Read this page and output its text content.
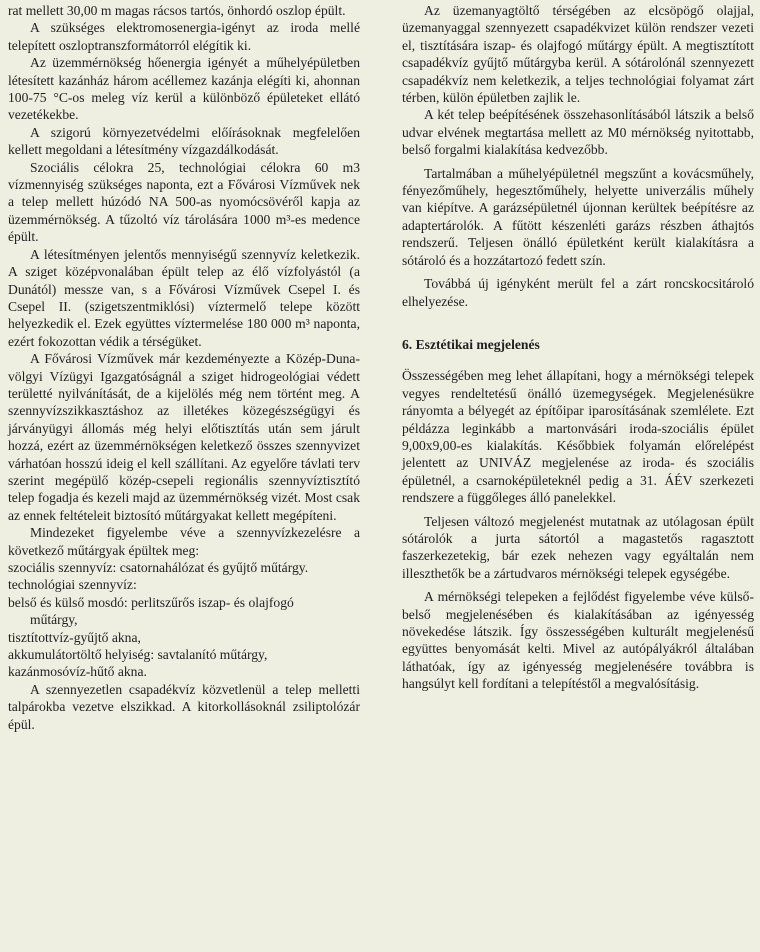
rat mellett 30,00 m magas rácsos tartós, önhordó oszlop épült.

A szükséges elektromosenergia-igényt az iroda mellé telepített oszloptranszformátorról elégítik ki.

Az üzemmérnökség hőenergia igényét a műhelyépületben létesített kazánház három acéllemez kazánja elégíti ki, ahonnan 100-75 °C-os meleg víz kerül a különböző épületeket ellátó vezetékekbe.

A szigorú környezetvédelmi előírásoknak megfelelően kellett megoldani a létesítmény vízgazdálkodását.

Szociális célokra 25, technológiai célokra 60 m3 vízmennyiség szükséges naponta, ezt a Fővárosi Vízművek nek a telep mellett húzódó NA 500-as nyomócsövéről kapja az üzemmérnökség. A tűzoltó víz tárolására 1000 m³-es medence épült.

A létesítményen jelentős mennyiségű szennyvíz keletkezik. A sziget középvonalában épült telep az élő vízfolyástól (a Dunától) messze van, s a Fővárosi Vízművek Csepel I. és Csepel II. (szigetszentmiklósi) víztermelő telepe között helyezkedik el. Ezek együttes víztermelése 180 000 m³ naponta, ezért fokozottan védik a térségüket.

A Fővárosi Vízművek már kezdeményezte a Közép-Duna-völgyi Vízügyi Igazgatóságnál a sziget hidrogeológiai védett területté nyilvánítását, de a kijelölés még nem történt meg. A szennyvízszikkasztáshoz az illetékes közegészségügyi és járványügyi állomás még helyi előtisztítás után sem járult hozzá, ezért az üzemmérnökségen keletkező összes szennyvizet várhatóan hosszú ideig el kell szállítani. Az egyelőre távlati terv szerint megépülő közép-csepeli regionális szennyvíztisztító telep fogadja és kezeli majd az üzemmérnökség vizét. Most csak az ennek feltételeit biztosító műtárgyakat kellett megépíteni.

Mindezeket figyelembe véve a szennyvízkezelésre a következő műtárgyak épültek meg:

szociális szennyvíz: csatornahálózat és gyűjtő műtárgy.

technológiai szennyvíz:

belső és külső mosdó: perlitszűrős iszap- és olajfogó

műtárgy,

tisztítottvíz-gyűjtő akna,

akkumulátortöltő helyiség: savtalanító műtárgy,

kazánmosóvíz-hűtő akna.

A szennyezetlen csapadékvíz közvetlenül a telep melletti talpárokba vezetve elszikkad. A kitorkollásoknál zsiliptolózár épül.

Az üzemanyagtöltő térségében az elcsöpögő olajjal, üzemanyaggal szennyezett csapadékvizet külön rendszer vezeti el, tisztítására iszap- és olajfogó műtárgy épült. A megtisztított csapadékvíz gyűjtő műtárgyba kerül. A sótárolónál szennyezett csapadékvíz nem keletkezik, a teljes technológiai folyamat zárt térben, külön épületben zajlik le.

A két telep beépítésének összehasonlításából látszik a belső udvar elvének megtartása mellett az M0 mérnökség nyitottabb, belső forgalmi kialakítása kedvezőbb.

Tartalmában a műhelyépületnél megszűnt a kovácsműhely, fényezőműhely, hegesztőműhely, helyette univerzális műhely van kiépítve. A garázsépületnél újonnan kerültek beépítésre az adaptertárolók. A fűtött készenléti garázs részben áthajtós rendszerű. Teljesen önálló épületként került kialakításra a sótároló és a hozzátartozó fedett szín.

Továbbá új igényként merült fel a zárt roncskocsitároló elhelyezése.

6. Esztétikai megjelenés

Összességében meg lehet állapítani, hogy a mérnökségi telepek vegyes rendeltetésű önálló üzemegységek. Megjelenésükre rányomta a bélyegét az építőipar iparosításának szemlélete. Ezt példázza leginkább a martonvásári iroda-szociális épület 9,00x9,00-es kialakítás. Későbbiek folyamán előrelépést jelentett az UNIVÁZ megjelenése az iroda- és szociális épületnél, a csarnoképületeknél pedig a 31. ÁÉV szerkezeti rendszere a függőleges álló panelekkel.

Teljesen változó megjelenést mutatnak az utólagosan épült sótárolók a jurta sátortól a magastetős ragasztott faszerkezetekig, bár ezek nehezen vagy egyáltalán nem illeszthetők be a zártudvaros mérnökségi telepek egységébe.

A mérnökségi telepeken a fejlődést figyelembe véve külső-belső megjelenésében és kialakításában az igényesség növekedése látszik. Így összességében kulturált megjelenésű együttes benyomását kelti. Mivel az autópályákról általában láthatóak, így az igényesség megjelenésére továbbra is hangsúlyt kell fordítani a telepítéstől a megvalósításig.
